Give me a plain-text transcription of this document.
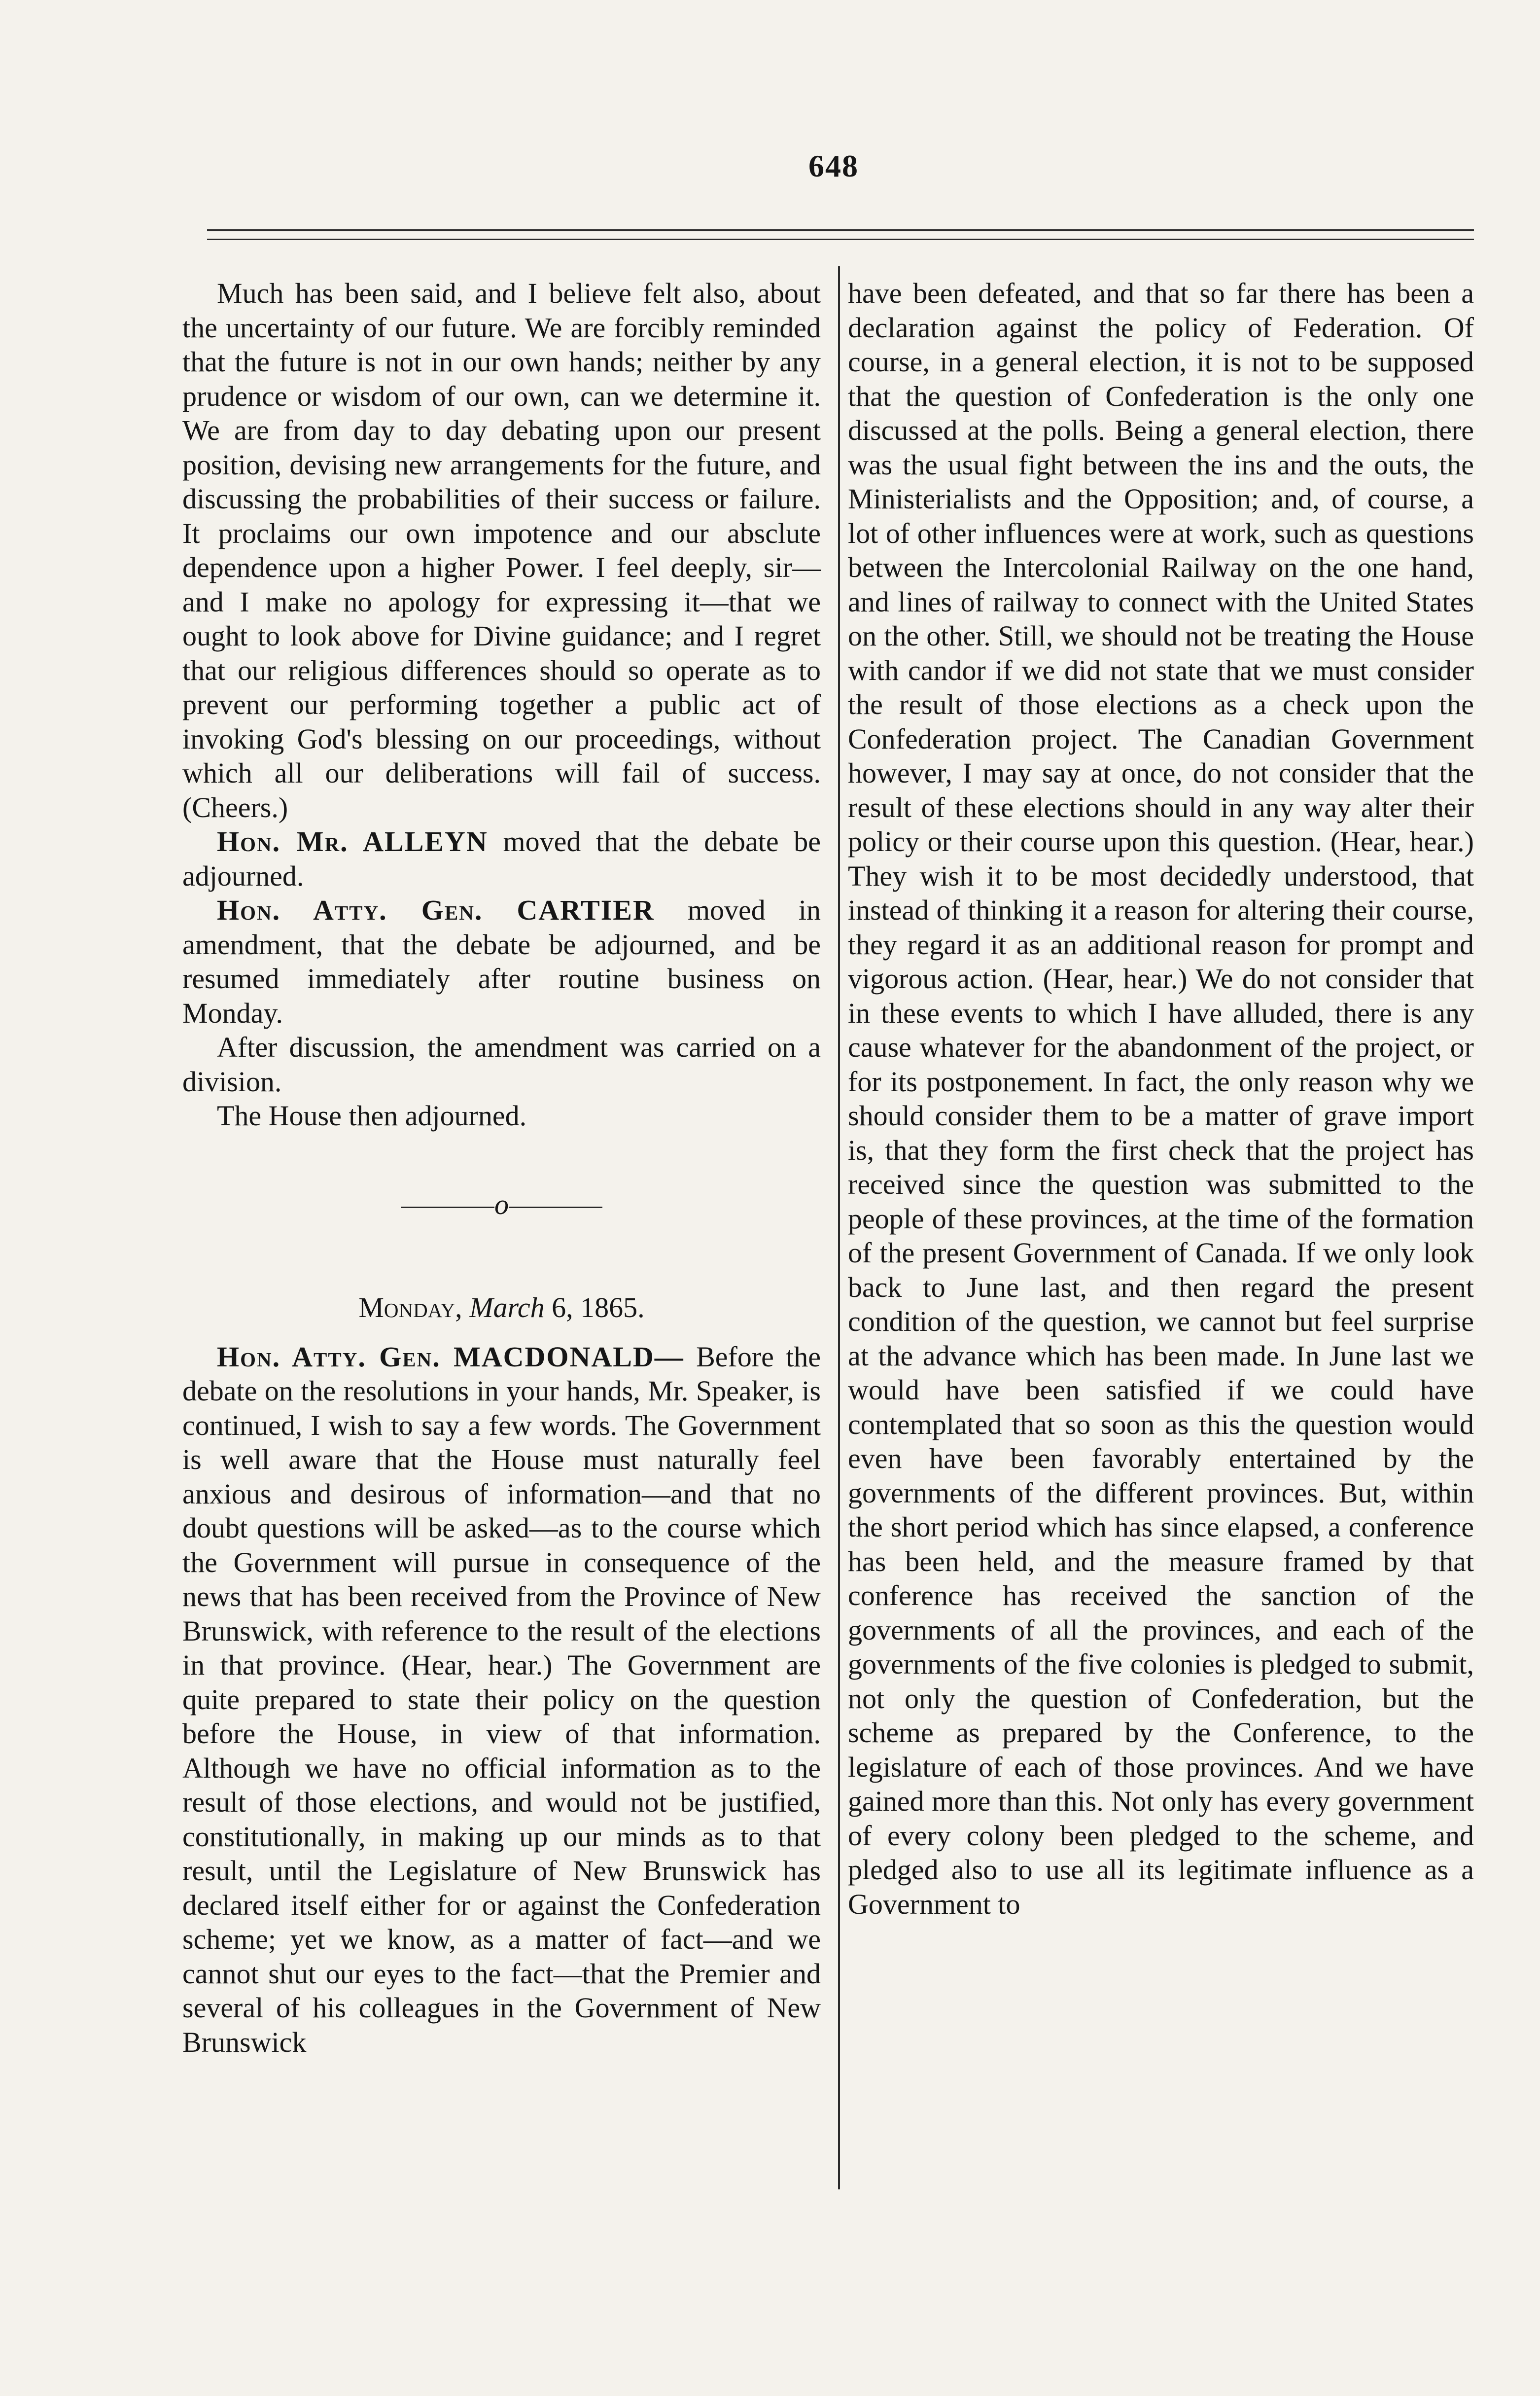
648

Much has been said, and I believe felt also, about the uncertainty of our future. We are forcibly reminded that the future is not in our own hands; neither by any prudence or wisdom of our own, can we determine it. We are from day to day debating upon our present position, devising new arrangements for the future, and discussing the probabilities of their success or failure. It proclaims our own impotence and our absclute dependence upon a higher Power. I feel deeply, sir—and I make no apology for expressing it—that we ought to look above for Divine guidance; and I regret that our religious differences should so operate as to prevent our performing together a public act of invoking God's blessing on our proceedings, without which all our deliberations will fail of success. (Cheers.)

Hon. Mr. ALLEYN moved that the debate be adjourned.

Hon. Atty. Gen. CARTIER moved in amendment, that the debate be adjourned, and be resumed immediately after routine business on Monday.

After discussion, the amendment was carried on a division.

The House then adjourned.

o
Monday, March 6, 1865.

Hon. Atty. Gen. MACDONALD— Before the debate on the resolutions in your hands, Mr. Speaker, is continued, I wish to say a few words. The Government is well aware that the House must naturally feel anxious and desirous of information—and that no doubt questions will be asked—as to the course which the Government will pursue in consequence of the news that has been received from the Province of New Brunswick, with reference to the result of the elections in that province. (Hear, hear.) The Government are quite prepared to state their policy on the question before the House, in view of that information. Although we have no official information as to the result of those elections, and would not be justified, constitutionally, in making up our minds as to that result, until the Legislature of New Brunswick has declared itself either for or against the Confederation scheme; yet we know, as a matter of fact—and we cannot shut our eyes to the fact—that the Premier and several of his colleagues in the Government of New Brunswick

have been defeated, and that so far there has been a declaration against the policy of Federation. Of course, in a general election, it is not to be supposed that the question of Confederation is the only one discussed at the polls. Being a general election, there was the usual fight between the ins and the outs, the Ministerialists and the Opposition; and, of course, a lot of other influences were at work, such as questions between the Intercolonial Railway on the one hand, and lines of railway to connect with the United States on the other. Still, we should not be treating the House with candor if we did not state that we must consider the result of those elections as a check upon the Confederation project. The Canadian Government however, I may say at once, do not consider that the result of these elections should in any way alter their policy or their course upon this question. (Hear, hear.) They wish it to be most decidedly understood, that instead of thinking it a reason for altering their course, they regard it as an additional reason for prompt and vigorous action. (Hear, hear.) We do not consider that in these events to which I have alluded, there is any cause whatever for the abandonment of the project, or for its postponement. In fact, the only reason why we should consider them to be a matter of grave import is, that they form the first check that the project has received since the question was submitted to the people of these provinces, at the time of the formation of the present Government of Canada. If we only look back to June last, and then regard the present condition of the question, we cannot but feel surprise at the advance which has been made. In June last we would have been satisfied if we could have contemplated that so soon as this the question would even have been favorably entertained by the governments of the different provinces. But, within the short period which has since elapsed, a conference has been held, and the measure framed by that conference has received the sanction of the governments of all the provinces, and each of the governments of the five colonies is pledged to submit, not only the question of Confederation, but the scheme as prepared by the Conference, to the legislature of each of those provinces. And we have gained more than this. Not only has every government of every colony been pledged to the scheme, and pledged also to use all its legitimate influence as a Government to
